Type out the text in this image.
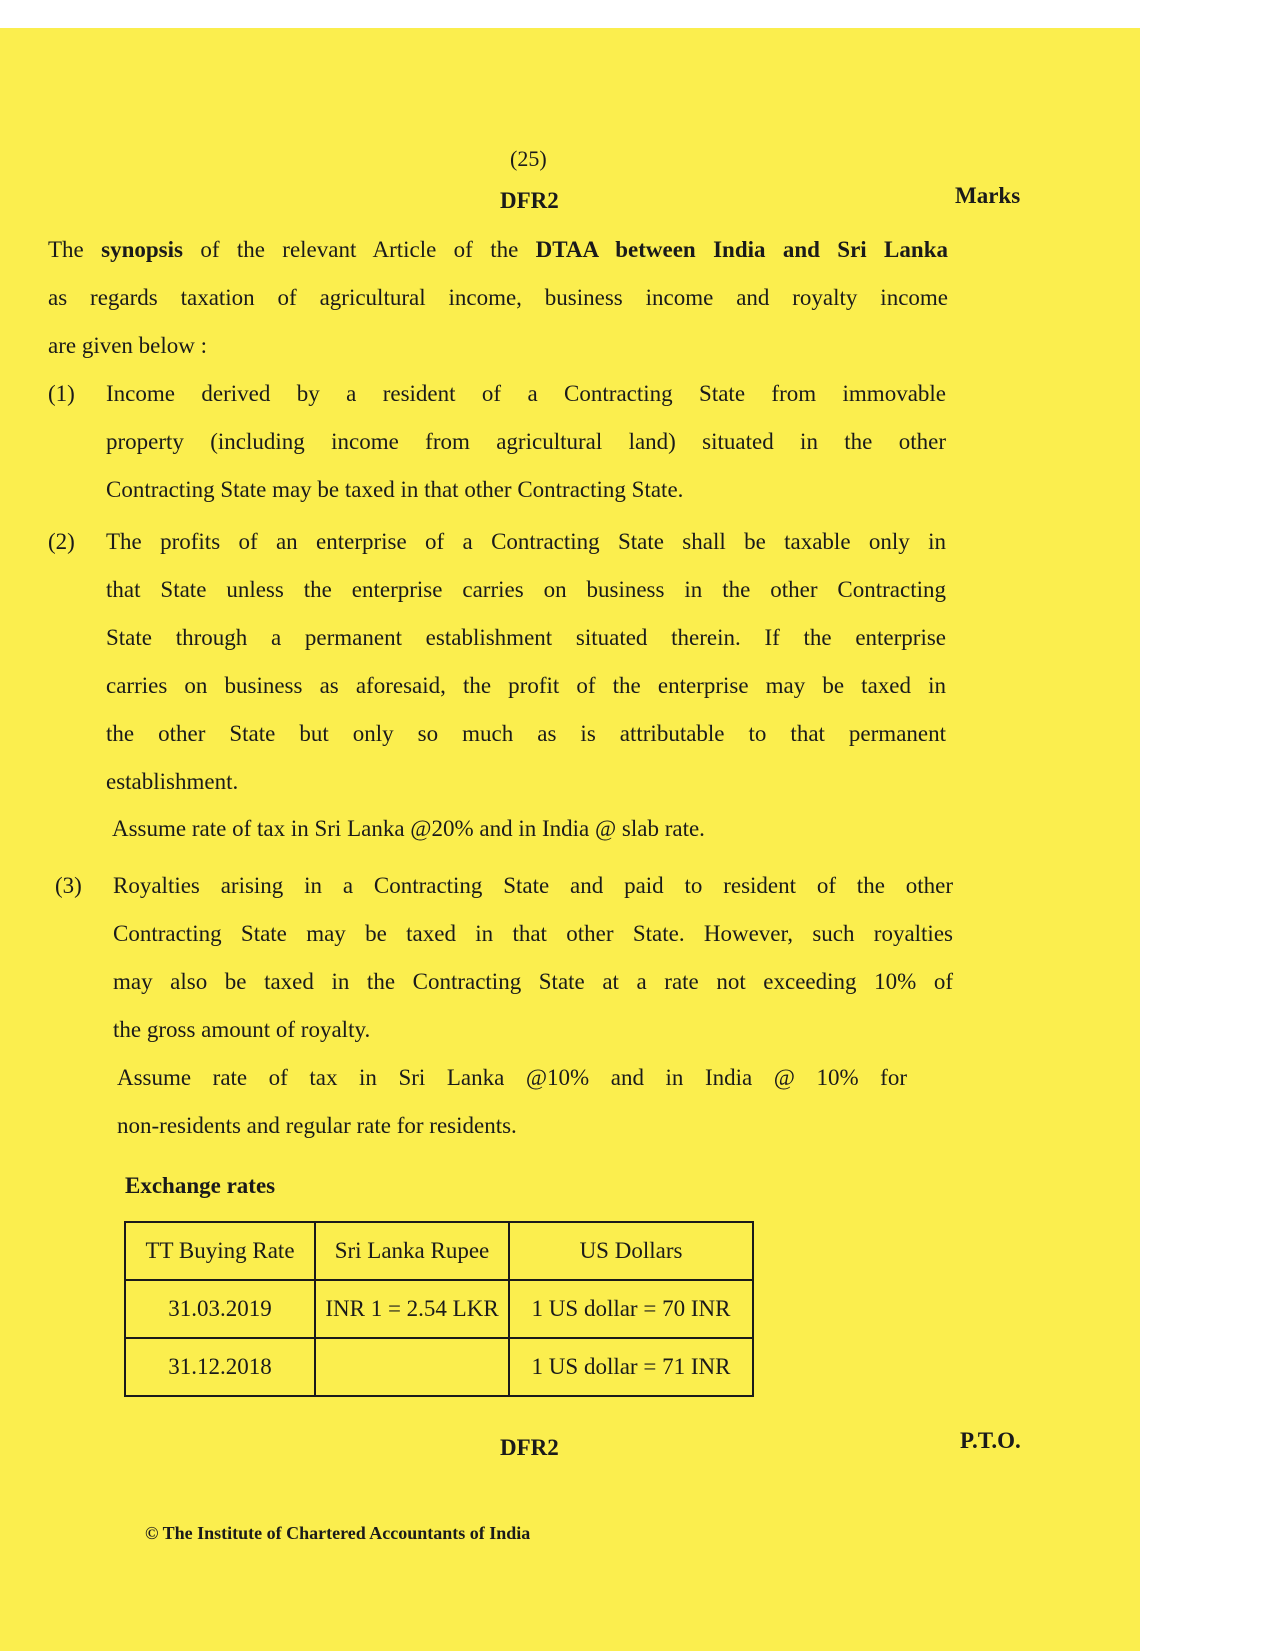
(25)
DFR2	Marks
The synopsis of the relevant Article of the DTAA between India and Sri Lanka
as regards taxation of agricultural income, business income and royalty income
are given below :
(1) Income derived by a resident of a Contracting State from immovable
property (including income from agricultural land) situated in the other
Contracting State may be taxed in that other Contracting State.
(2) The profits of an enterprise of a Contracting State shall be taxable only in
that State unless the enterprise carries on business in the other Contracting
State through a permanent establishment situated therein. If the enterprise
carries on business as aforesaid, the profit of the enterprise may be taxed in
the other State but only so much as is attributable to that permanent
establishment.
Assume rate of tax in Sri Lanka @20% and in India @ slab rate.
(3) Royalties arising in a Contracting State and paid to resident of the other
Contracting State may be taxed in that other State. However, such royalties
may also be taxed in the Contracting State at a rate not exceeding 10% of
the gross amount of royalty.
Assume rate of tax in Sri Lanka @10% and in India @ 10% for
non-residents and regular rate for residents.
Exchange rates
TT Buying Rate	Sri Lanka Rupee	US Dollars
31.03.2019	INR 1 = 2.54 LKR	1 US dollar = 70 INR
31.12.2018		1 US dollar = 71 INR
DFR2	P.T.O.
© The Institute of Chartered Accountants of India
